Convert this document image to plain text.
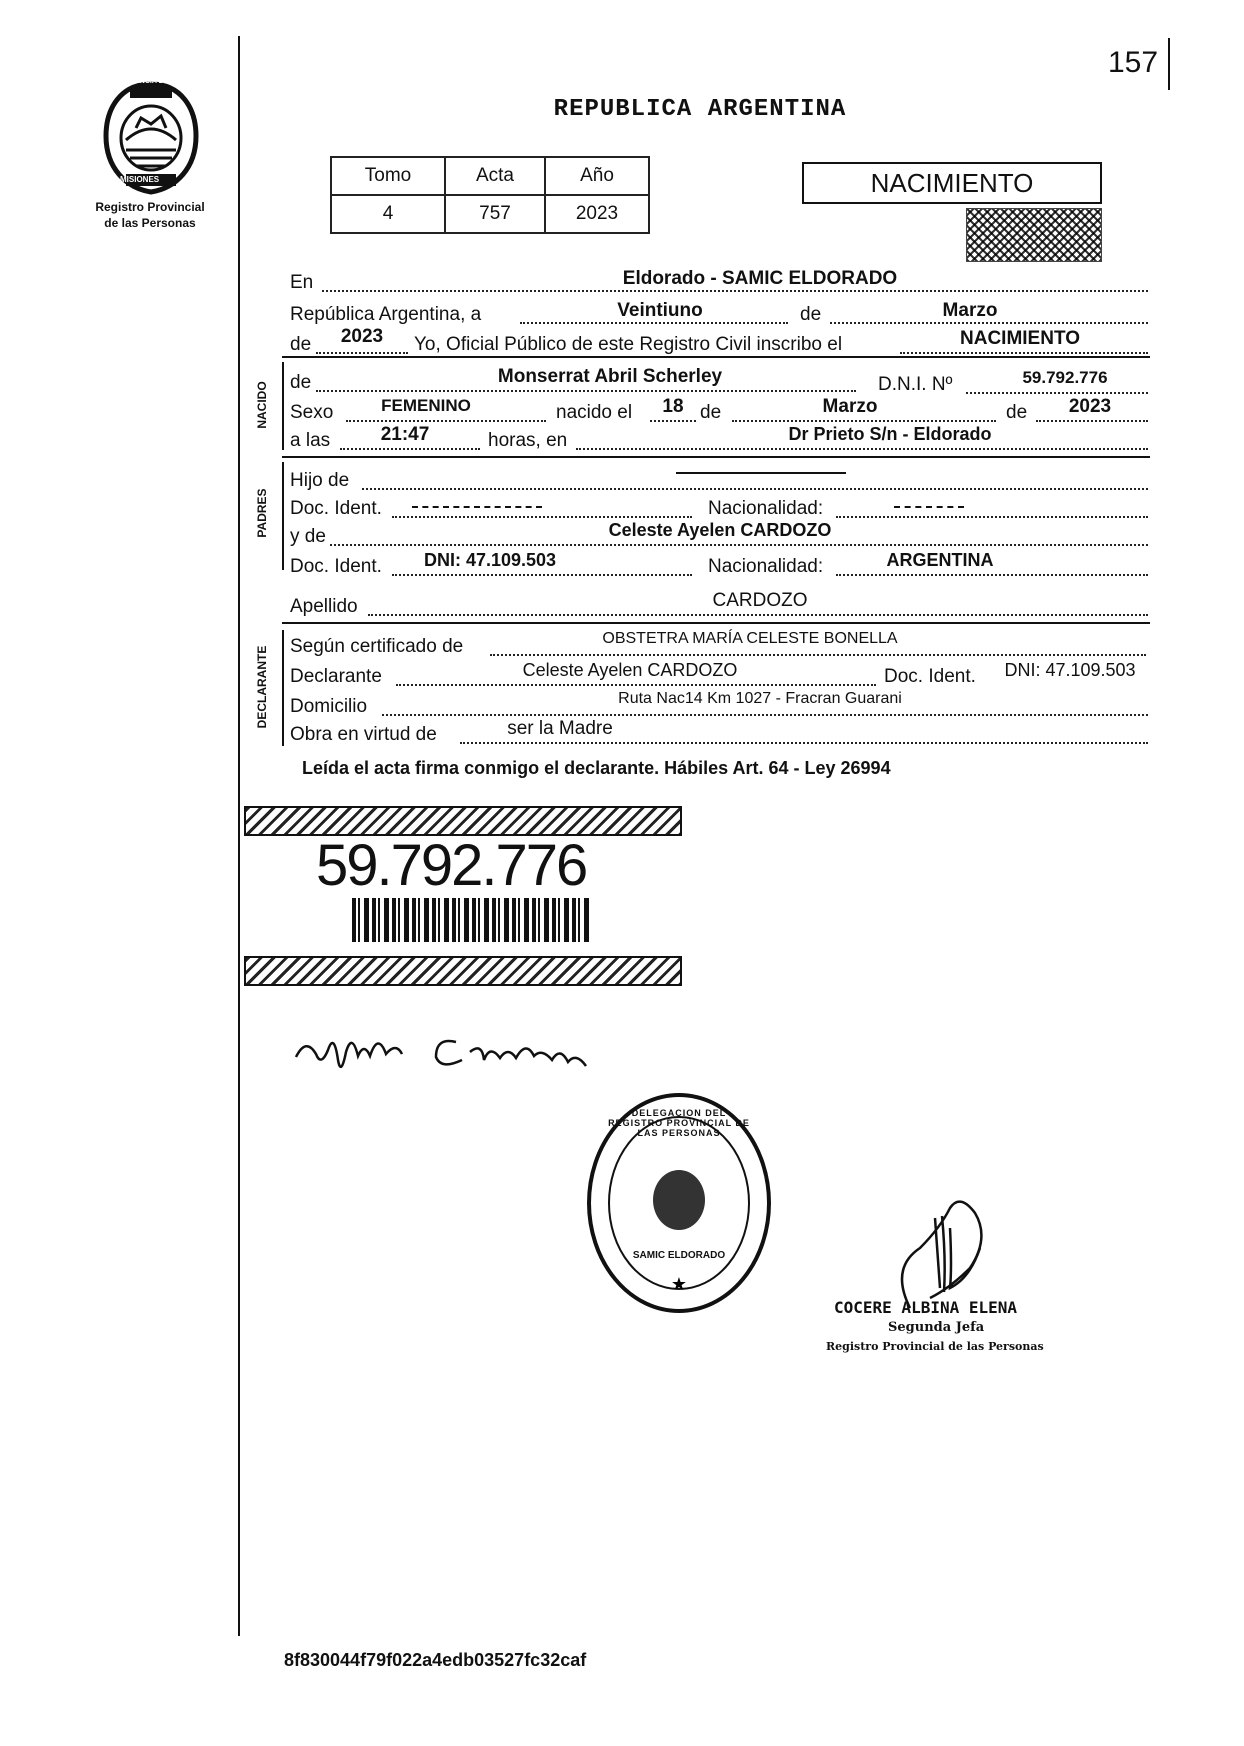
157
Registro Provincial
de las Personas
PROVINCIA DE
MISIONES
REPUBLICA ARGENTINA
Tomo	Acta	Año
4	757	2023
NACIMIENTO
En	Eldorado - SAMIC ELDORADO
República Argentina, a	Veintiuno	de	Marzo
de	2023	Yo, Oficial Público de este Registro Civil inscribo el	NACIMIENTO
NACIDO de	Monserrat Abril Scherley	D.N.I. Nº	59.792.776
Sexo	FEMENINO	nacido el	18 de	Marzo	de	2023
a las	21:47	horas, en	Dr Prieto S/n - Eldorado
PADRES
Hijo de
Doc. Ident.	Nacionalidad:
y de	Celeste Ayelen CARDOZO
Doc. Ident.	DNI: 47.109.503	Nacionalidad:	ARGENTINA
Apellido	CARDOZO
DECLARANTE Según certificado de	OBSTETRA MARÍA CELESTE BONELLA
Declarante	Celeste Ayelen CARDOZO	Doc. Ident.	DNI: 47.109.503
Domicilio	Ruta Nac14 Km 1027 - Fracran Guarani
Obra en virtud de	ser la Madre
Leída el acta firma conmigo el declarante. Hábiles Art. 64 - Ley 26994
59.792.776
★
DELEGACION DEL REGISTRO PROVINCIAL DE LAS PERSONAS
SAMIC ELDORADO
COCERE ALBINA ELENA
Segunda Jefa
Registro Provincial de las Personas
8f830044f79f022a4edb03527fc32caf
